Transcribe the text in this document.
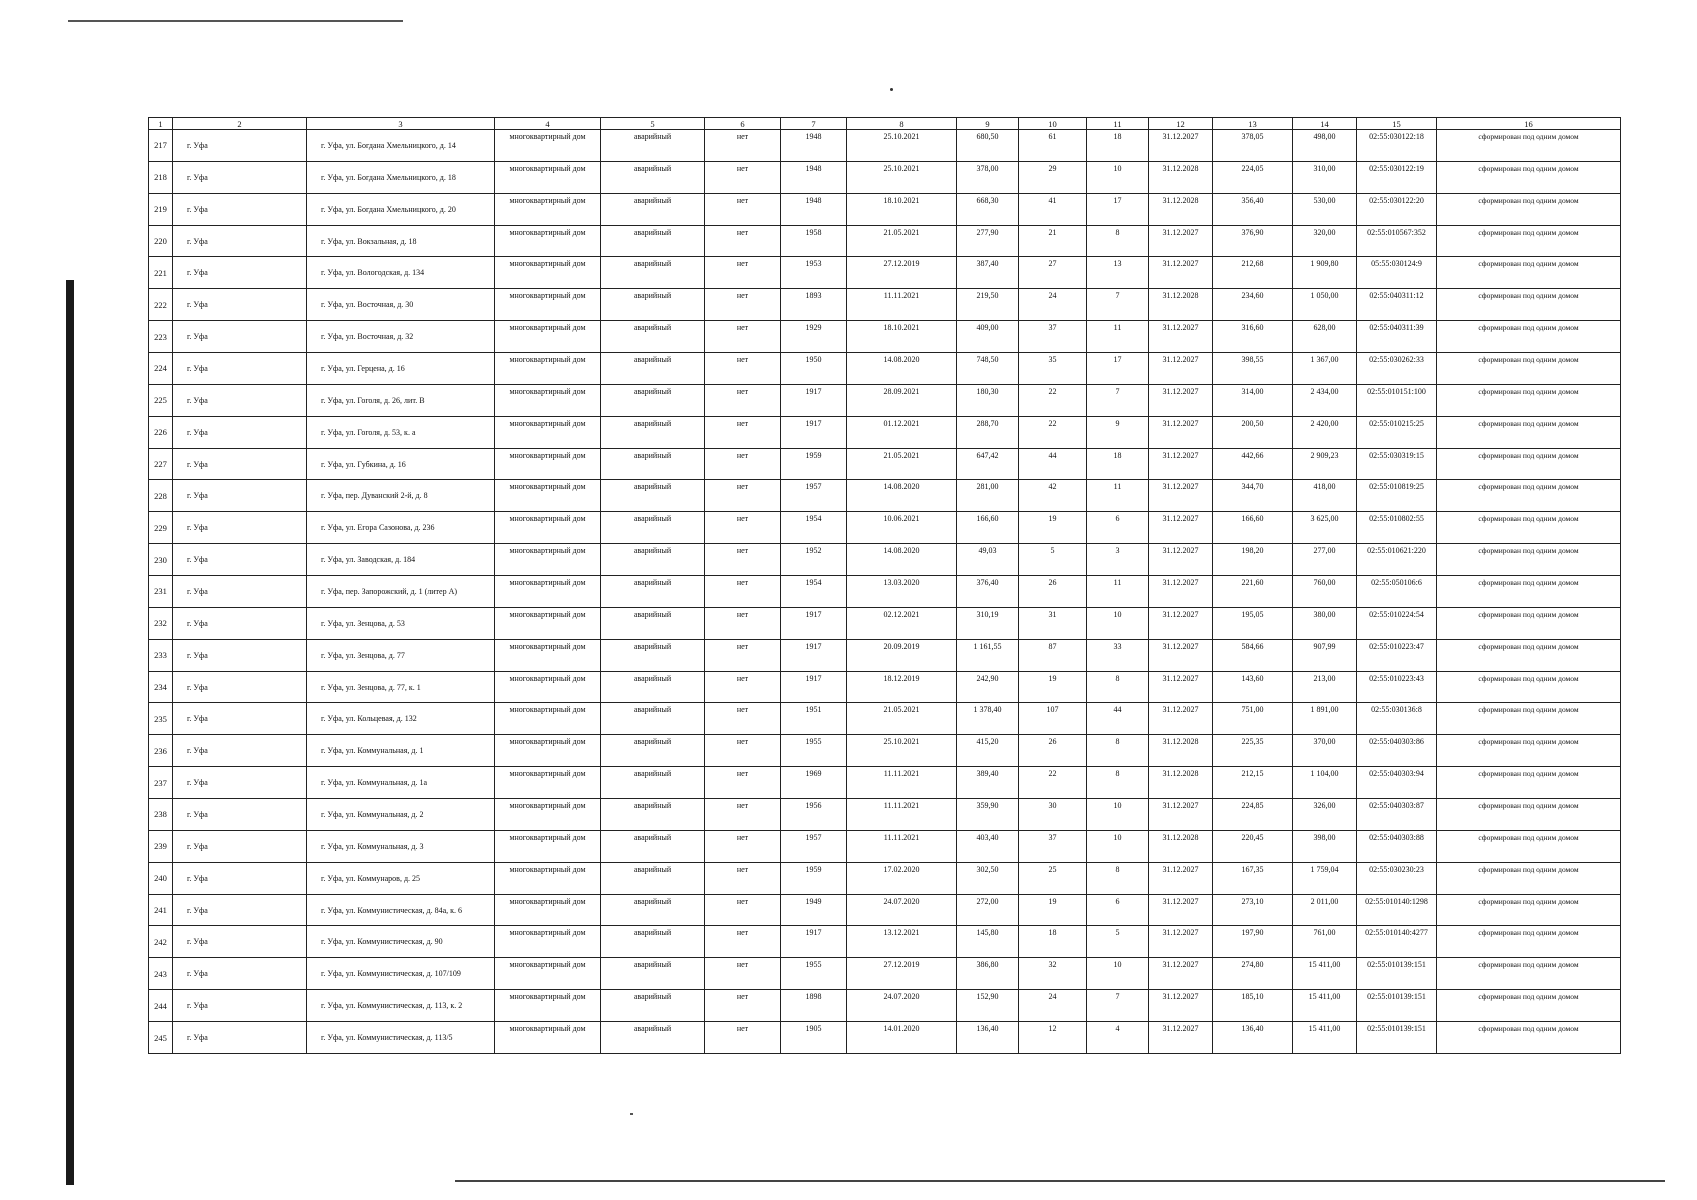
1	2	3	4	5	6	7	8	9	10	11	12	13	14	15	16
217	г. Уфа	г. Уфа, ул. Богдана Хмельницкого, д. 14	многоквартирный дом	аварийный	нет	1948	25.10.2021	680,50	61	18	31.12.2027	378,05	498,00	02:55:030122:18	сформирован под одним домом
218	г. Уфа	г. Уфа, ул. Богдана Хмельницкого, д. 18	многоквартирный дом	аварийный	нет	1948	25.10.2021	378,00	29	10	31.12.2028	224,05	310,00	02:55:030122:19	сформирован под одним домом
219	г. Уфа	г. Уфа, ул. Богдана Хмельницкого, д. 20	многоквартирный дом	аварийный	нет	1948	18.10.2021	668,30	41	17	31.12.2028	356,40	530,00	02:55:030122:20	сформирован под одним домом
220	г. Уфа	г. Уфа, ул. Вокзальная, д. 18	многоквартирный дом	аварийный	нет	1958	21.05.2021	277,90	21	8	31.12.2027	376,90	320,00	02:55:010567:352	сформирован под одним домом
221	г. Уфа	г. Уфа, ул. Вологодская, д. 134	многоквартирный дом	аварийный	нет	1953	27.12.2019	387,40	27	13	31.12.2027	212,68	1 909,80	05:55:030124:9	сформирован под одним домом
222	г. Уфа	г. Уфа, ул. Восточная, д. 30	многоквартирный дом	аварийный	нет	1893	11.11.2021	219,50	24	7	31.12.2028	234,60	1 050,00	02:55:040311:12	сформирован под одним домом
223	г. Уфа	г. Уфа, ул. Восточная, д. 32	многоквартирный дом	аварийный	нет	1929	18.10.2021	409,00	37	11	31.12.2027	316,60	628,00	02:55:040311:39	сформирован под одним домом
224	г. Уфа	г. Уфа, ул. Герцена, д. 16	многоквартирный дом	аварийный	нет	1950	14.08.2020	748,50	35	17	31.12.2027	398,55	1 367,00	02:55:030262:33	сформирован под одним домом
225	г. Уфа	г. Уфа, ул. Гоголя, д. 26, лит. В	многоквартирный дом	аварийный	нет	1917	28.09.2021	180,30	22	7	31.12.2027	314,00	2 434,00	02:55:010151:100	сформирован под одним домом
226	г. Уфа	г. Уфа, ул. Гоголя, д. 53, к. а	многоквартирный дом	аварийный	нет	1917	01.12.2021	288,70	22	9	31.12.2027	200,50	2 420,00	02:55:010215:25	сформирован под одним домом
227	г. Уфа	г. Уфа, ул. Губкина, д. 16	многоквартирный дом	аварийный	нет	1959	21.05.2021	647,42	44	18	31.12.2027	442,66	2 909,23	02:55:030319:15	сформирован под одним домом
228	г. Уфа	г. Уфа, пер. Дуванский 2-й, д. 8	многоквартирный дом	аварийный	нет	1957	14.08.2020	281,00	42	11	31.12.2027	344,70	418,00	02:55:010819:25	сформирован под одним домом
229	г. Уфа	г. Уфа, ул. Егора Сазонова, д. 236	многоквартирный дом	аварийный	нет	1954	10.06.2021	166,60	19	6	31.12.2027	166,60	3 625,00	02:55:010802:55	сформирован под одним домом
230	г. Уфа	г. Уфа, ул. Заводская, д. 184	многоквартирный дом	аварийный	нет	1952	14.08.2020	49,03	5	3	31.12.2027	198,20	277,00	02:55:010621:220	сформирован под одним домом
231	г. Уфа	г. Уфа, пер. Запорожский, д. 1 (литер А)	многоквартирный дом	аварийный	нет	1954	13.03.2020	376,40	26	11	31.12.2027	221,60	760,00	02:55:050106:6	сформирован под одним домом
232	г. Уфа	г. Уфа, ул. Зенцова, д. 53	многоквартирный дом	аварийный	нет	1917	02.12.2021	310,19	31	10	31.12.2027	195,05	380,00	02:55:010224:54	сформирован под одним домом
233	г. Уфа	г. Уфа, ул. Зенцова, д. 77	многоквартирный дом	аварийный	нет	1917	20.09.2019	1 161,55	87	33	31.12.2027	584,66	907,99	02:55:010223:47	сформирован под одним домом
234	г. Уфа	г. Уфа, ул. Зенцова, д. 77, к. 1	многоквартирный дом	аварийный	нет	1917	18.12.2019	242,90	19	8	31.12.2027	143,60	213,00	02:55:010223:43	сформирован под одним домом
235	г. Уфа	г. Уфа, ул. Кольцевая, д. 132	многоквартирный дом	аварийный	нет	1951	21.05.2021	1 378,40	107	44	31.12.2027	751,00	1 891,00	02:55:030136:8	сформирован под одним домом
236	г. Уфа	г. Уфа, ул. Коммунальная, д. 1	многоквартирный дом	аварийный	нет	1955	25.10.2021	415,20	26	8	31.12.2028	225,35	370,00	02:55:040303:86	сформирован под одним домом
237	г. Уфа	г. Уфа, ул. Коммунальная, д. 1а	многоквартирный дом	аварийный	нет	1969	11.11.2021	389,40	22	8	31.12.2028	212,15	1 104,00	02:55:040303:94	сформирован под одним домом
238	г. Уфа	г. Уфа, ул. Коммунальная, д. 2	многоквартирный дом	аварийный	нет	1956	11.11.2021	359,90	30	10	31.12.2027	224,85	326,00	02:55:040303:87	сформирован под одним домом
239	г. Уфа	г. Уфа, ул. Коммунальная, д. 3	многоквартирный дом	аварийный	нет	1957	11.11.2021	403,40	37	10	31.12.2028	220,45	398,00	02:55:040303:88	сформирован под одним домом
240	г. Уфа	г. Уфа, ул. Коммунаров, д. 25	многоквартирный дом	аварийный	нет	1959	17.02.2020	302,50	25	8	31.12.2027	167,35	1 759,04	02:55:030230:23	сформирован под одним домом
241	г. Уфа	г. Уфа, ул. Коммунистическая, д. 84а, к. 6	многоквартирный дом	аварийный	нет	1949	24.07.2020	272,00	19	6	31.12.2027	273,10	2 011,00	02:55:010140:1298	сформирован под одним домом
242	г. Уфа	г. Уфа, ул. Коммунистическая, д. 90	многоквартирный дом	аварийный	нет	1917	13.12.2021	145,80	18	5	31.12.2027	197,90	761,00	02:55:010140:4277	сформирован под одним домом
243	г. Уфа	г. Уфа, ул. Коммунистическая, д. 107/109	многоквартирный дом	аварийный	нет	1955	27.12.2019	386,80	32	10	31.12.2027	274,80	15 411,00	02:55:010139:151	сформирован под одним домом
244	г. Уфа	г. Уфа, ул. Коммунистическая, д. 113, к. 2	многоквартирный дом	аварийный	нет	1898	24.07.2020	152,90	24	7	31.12.2027	185,10	15 411,00	02:55:010139:151	сформирован под одним домом
245	г. Уфа	г. Уфа, ул. Коммунистическая, д. 113/5	многоквартирный дом	аварийный	нет	1905	14.01.2020	136,40	12	4	31.12.2027	136,40	15 411,00	02:55:010139:151	сформирован под одним домом
